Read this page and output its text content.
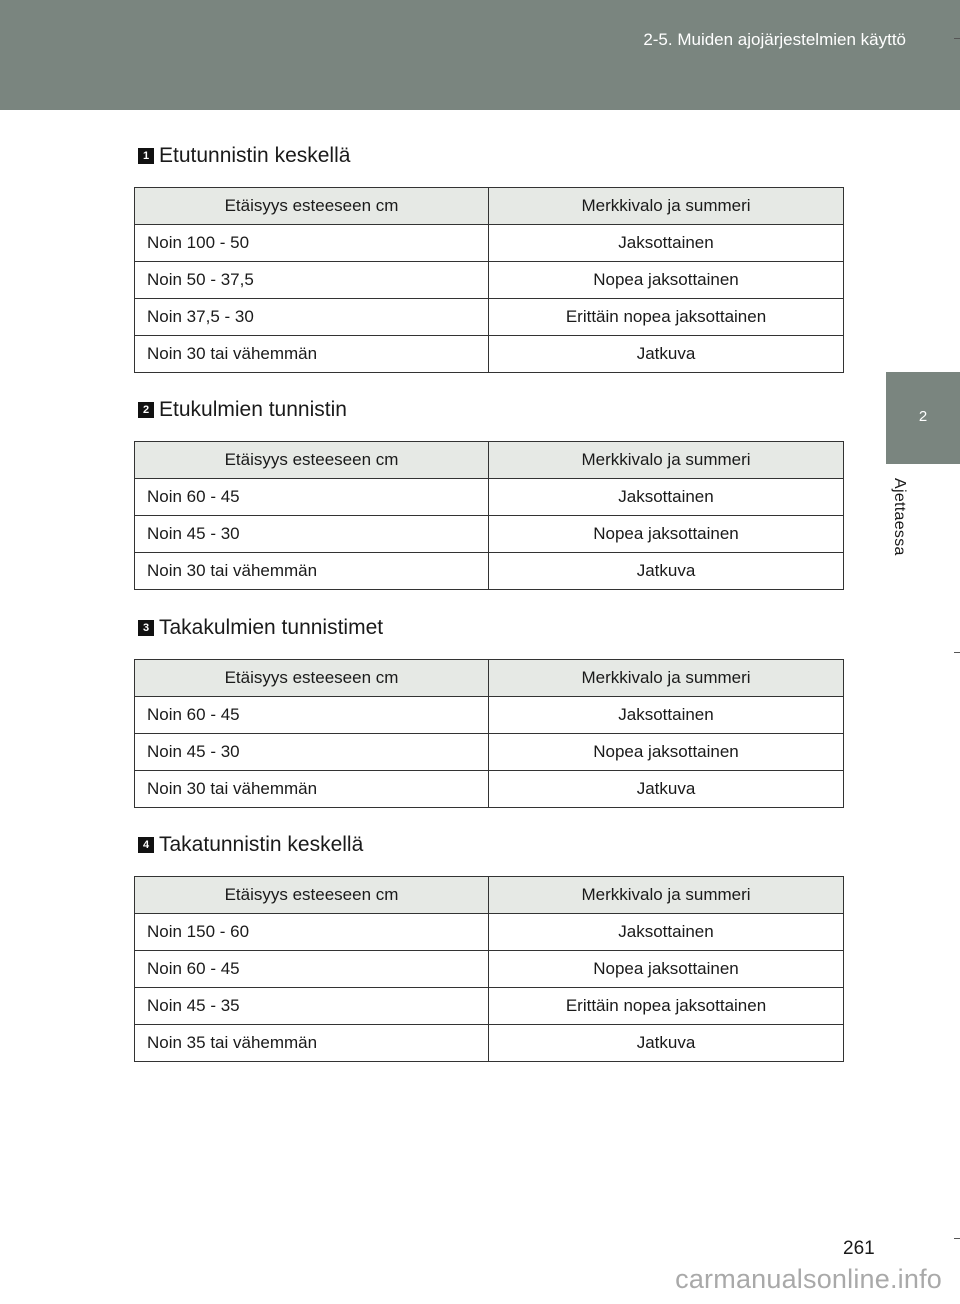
2-5. Muiden ajojärjestelmien käyttö
2
Ajettaessa
1 Etutunnistin keskellä
Etäisyys esteeseen cm	Merkkivalo ja summeri
Noin 100 - 50	Jaksottainen
Noin 50 - 37,5	Nopea jaksottainen
Noin 37,5 - 30	Erittäin nopea jaksottainen
Noin 30 tai vähemmän	Jatkuva
2 Etukulmien tunnistin
Etäisyys esteeseen cm	Merkkivalo ja summeri
Noin 60 - 45	Jaksottainen
Noin 45 - 30	Nopea jaksottainen
Noin 30 tai vähemmän	Jatkuva
3 Takakulmien tunnistimet
Etäisyys esteeseen cm	Merkkivalo ja summeri
Noin 60 - 45	Jaksottainen
Noin 45 - 30	Nopea jaksottainen
Noin 30 tai vähemmän	Jatkuva
4 Takatunnistin keskellä
Etäisyys esteeseen cm	Merkkivalo ja summeri
Noin 150 - 60	Jaksottainen
Noin 60 - 45	Nopea jaksottainen
Noin 45 - 35	Erittäin nopea jaksottainen
Noin 35 tai vähemmän	Jatkuva
261
carmanualsonline.info
